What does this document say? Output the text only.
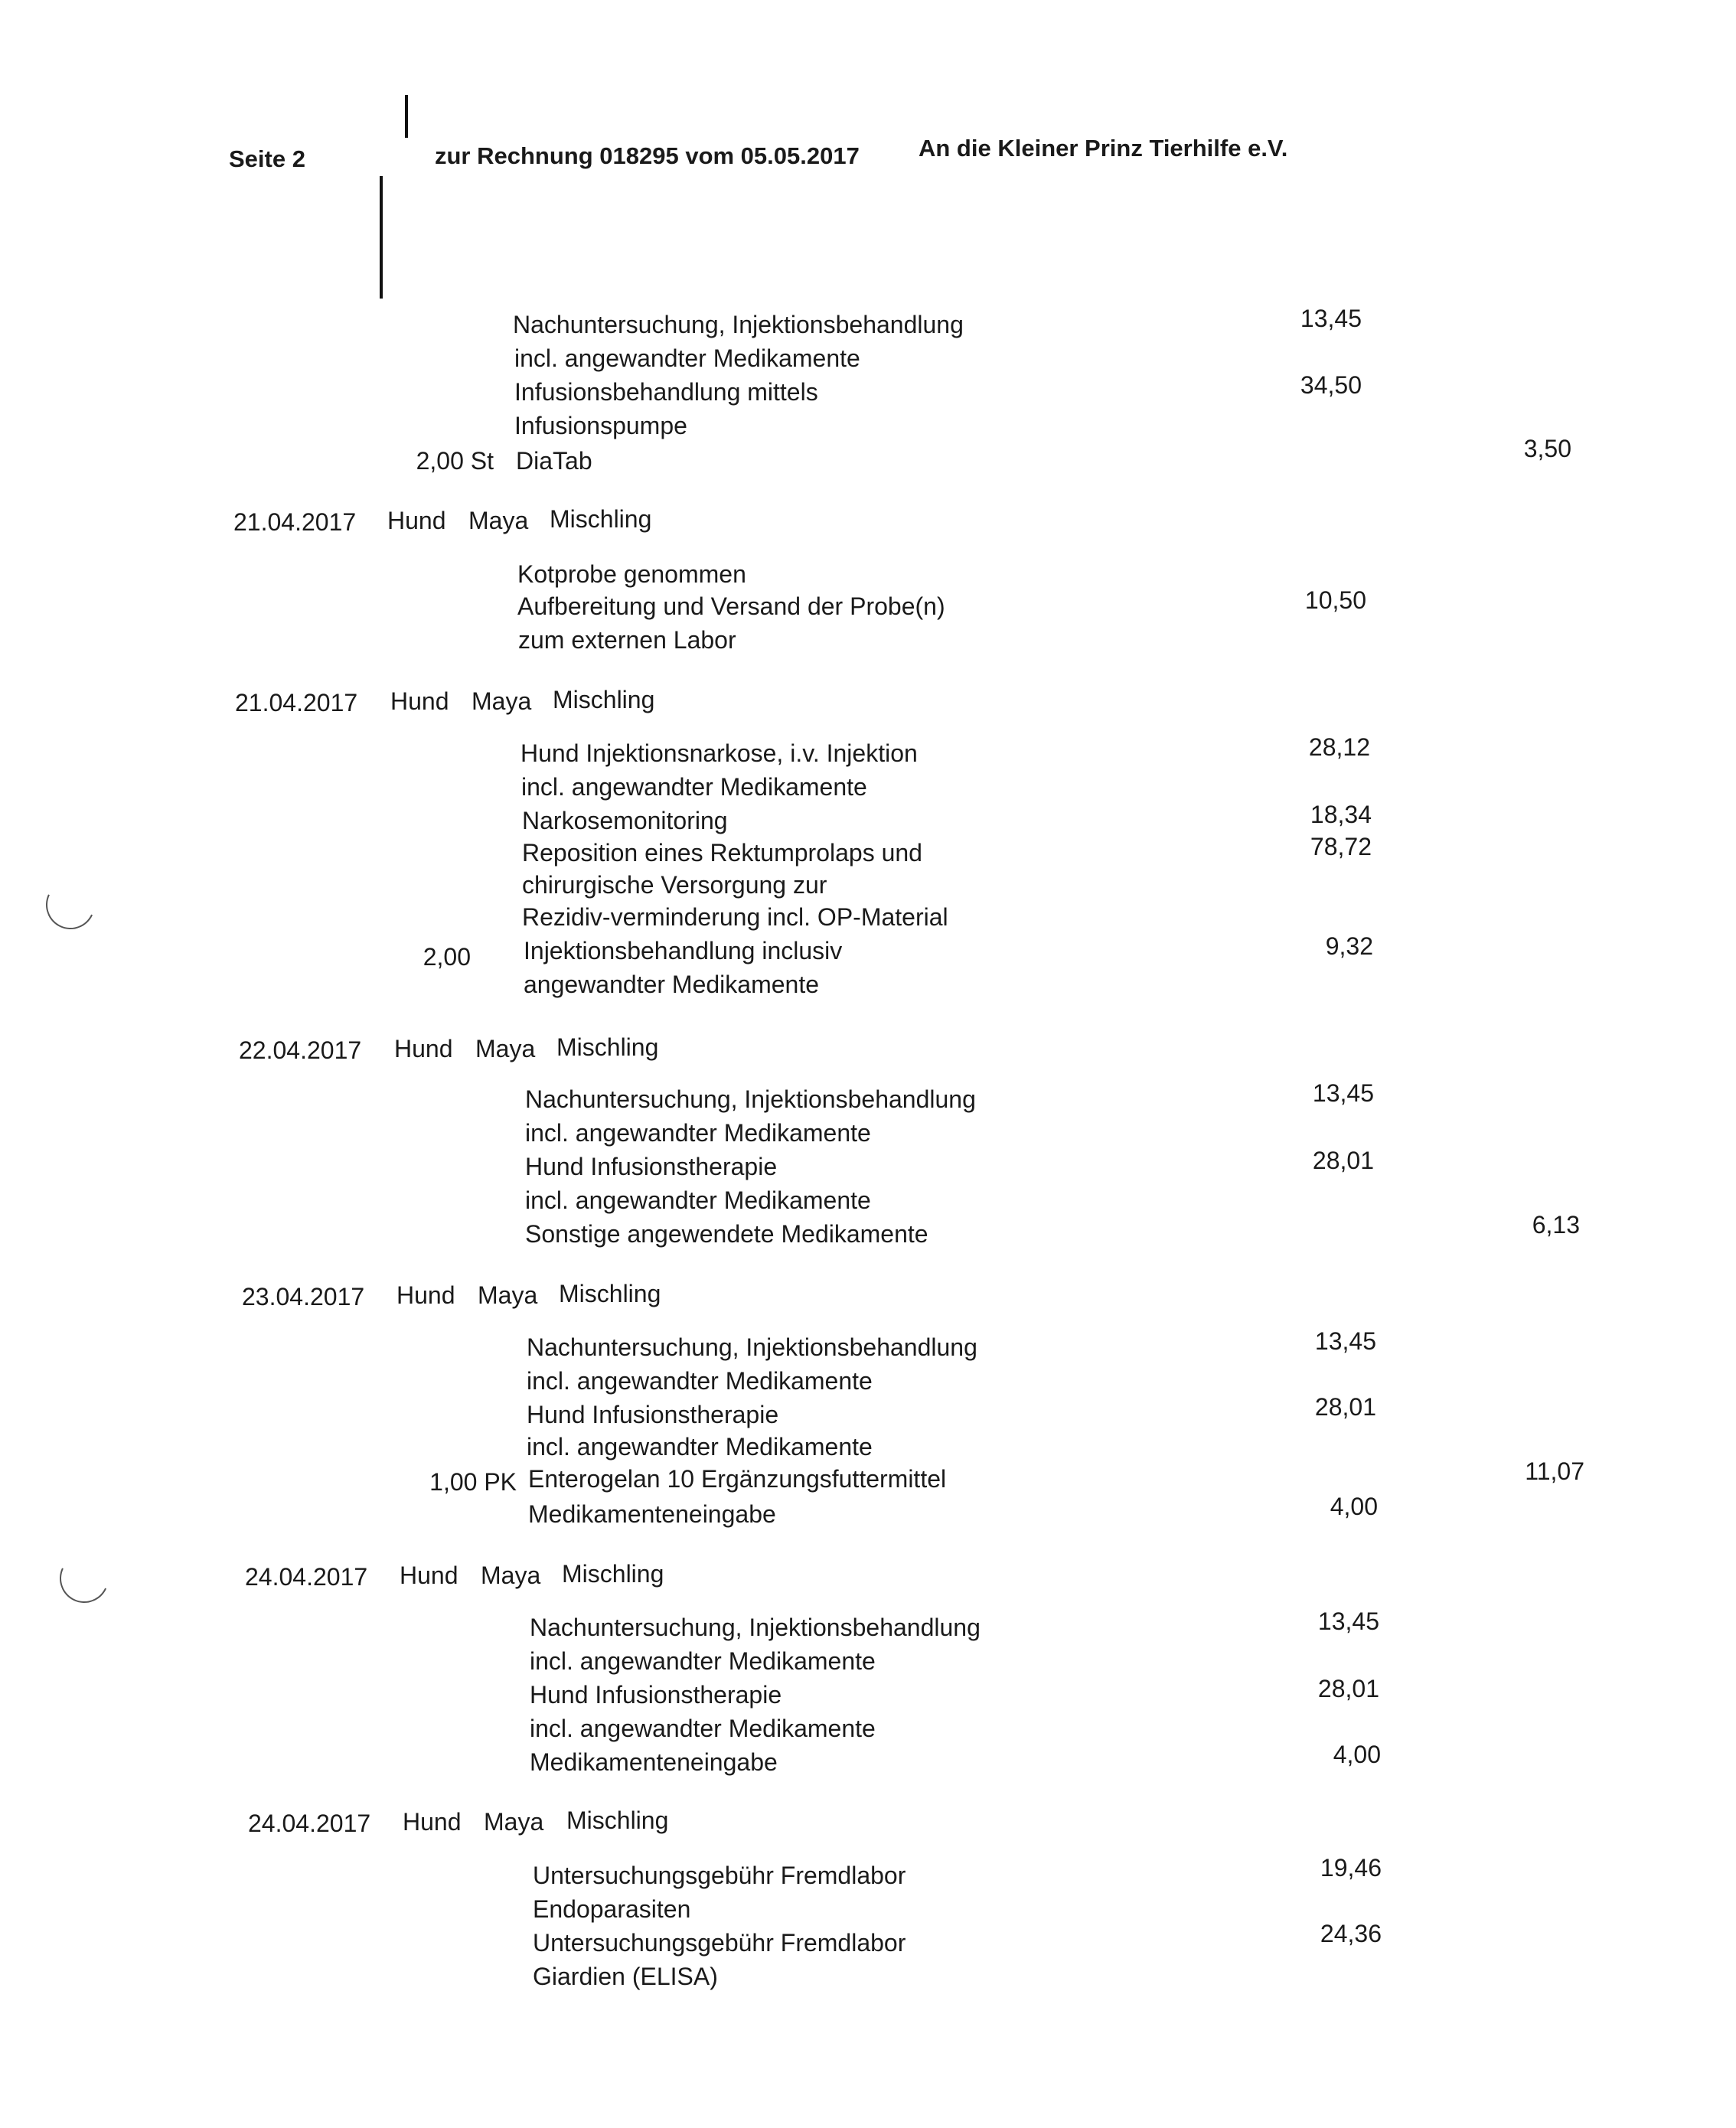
Seite 2	zur Rechnung 018295 vom 05.05.2017 An die Kleiner Prinz Tierhilfe e.V.
Nachuntersuchung, Injektionsbehandlung	13,45
incl. angewandter Medikamente
Infusionsbehandlung mittels	34,50
Infusionspumpe
2,00 St DiaTab	3,50
21.04.2017 Hund Maya Mischling
Kotprobe genommen
Aufbereitung und Versand der Probe(n)	10,50
zum externen Labor
21.04.2017 Hund Maya Mischling
Hund Injektionsnarkose, i.v. Injektion	28,12
incl. angewandter Medikamente
Narkosemonitoring	18,34
Reposition eines Rektumprolaps und	78,72
chirurgische Versorgung zur
Rezidiv-verminderung incl. OP-Material
2,00 Injektionsbehandlung inclusiv	9,32
angewandter Medikamente
22.04.2017 Hund Maya Mischling
Nachuntersuchung, Injektionsbehandlung	13,45
incl. angewandter Medikamente
Hund Infusionstherapie	28,01
incl. angewandter Medikamente
Sonstige angewendete Medikamente	6,13
23.04.2017 Hund Maya Mischling
Nachuntersuchung, Injektionsbehandlung	13,45
incl. angewandter Medikamente
Hund Infusionstherapie	28,01
incl. angewandter Medikamente
1,00 PK Enterogelan 10 Ergänzungsfuttermittel	11,07
Medikamenteneingabe	4,00
24.04.2017 Hund Maya Mischling
Nachuntersuchung, Injektionsbehandlung	13,45
incl. angewandter Medikamente
Hund Infusionstherapie	28,01
incl. angewandter Medikamente
Medikamenteneingabe	4,00
24.04.2017 Hund Maya Mischling
Untersuchungsgebühr Fremdlabor	19,46
Endoparasiten
Untersuchungsgebühr Fremdlabor	24,36
Giardien (ELISA)
